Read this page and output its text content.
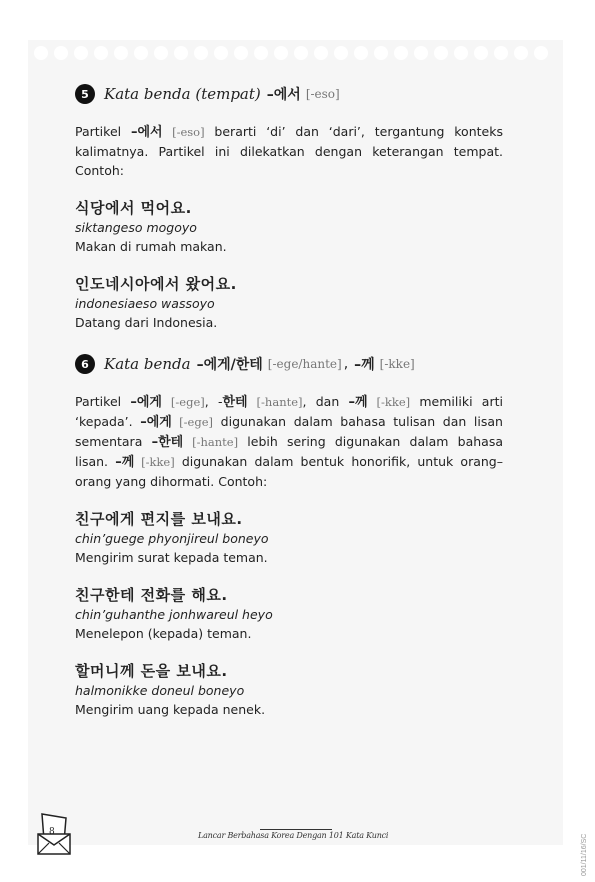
5	Kata benda (tempat) –에서 [-eso]

Partikel –에서 [-eso] berarti ‘di’ dan ‘dari’, tergantung konteks kalimatnya. Partikel ini dilekatkan dengan keterangan tempat. Contoh:

식당에서 먹어요.
siktangeso mogoyo
Makan di rumah makan.
인도네시아에서 왔어요.
indonesiaeso wassoyo
Datang dari Indonesia.
6	Kata benda –에게/한테 [-ege/hante] , –께 [-kke]

Partikel –에게 [-ege], -한테 [-hante], dan –께 [-kke] memiliki arti ‘kepada’. –에게 [-ege] digunakan dalam bahasa tulisan dan lisan sementara –한테 [-hante] lebih sering digunakan dalam bahasa lisan. –께 [-kke] digunakan dalam bentuk honorifik, untuk orang–orang yang dihormati. Contoh:

친구에게 편지를 보내요.
chin’guege phyonjireul boneyo
Mengirim surat kepada teman.
친구한테 전화를 해요.
chin’guhanthe jonhwareul heyo
Menelepon (kepada) teman.
할머니께 돈을 보내요.
halmonikke doneul boneyo
Mengirim uang kepada nenek.
8	Lancar Berbahasa Korea Dengan 101 Kata Kunci	001/11/16/SC
